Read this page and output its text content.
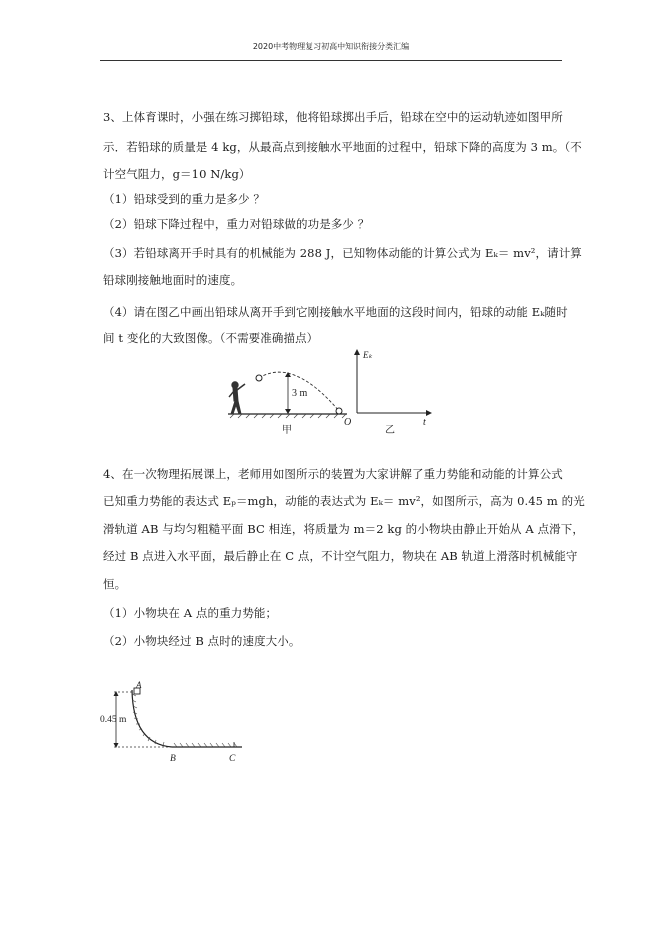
2020中考物理复习初高中知识衔接分类汇编
3、上体育课时，小强在练习掷铅球，他将铅球掷出手后，铅球在空中的运动轨迹如图甲所
示．若铅球的质量是 4 kg，从最高点到接触水平地面的过程中，铅球下降的高度为 3 m。（不
计空气阻力，g＝10 N/kg）
（1）铅球受到的重力是多少 ？
（2）铅球下降过程中，重力对铅球做的功是多少 ？
（3）若铅球离开手时具有的机械能为 288 J，已知物体动能的计算公式为 Eₖ＝ mv²，请计算
铅球刚接触地面时的速度。
（4）请在图乙中画出铅球从离开手到它刚接触水平地面的这段时间内，铅球的动能 Eₖ随时
间 t 变化的大致图像。（不需要准确描点）
3 m
甲
Eₖ
O
乙
t
4、在一次物理拓展课上，老师用如图所示的装置为大家讲解了重力势能和动能的计算公式
已知重力势能的表达式 Eₚ＝mgh，动能的表达式为 Eₖ＝ mv²，如图所示，高为 0.45 m 的光
滑轨道 AB 与均匀粗糙平面 BC 相连，将质量为 m＝2 kg 的小物块由静止开始从 A 点滑下，
经过 B 点进入水平面，最后静止在 C 点，不计空气阻力，物块在 AB 轨道上滑落时机械能守
恒。
（1）小物块在 A 点的重力势能；
（2）小物块经过 B 点时的速度大小。
0.45 m
A
B	C
